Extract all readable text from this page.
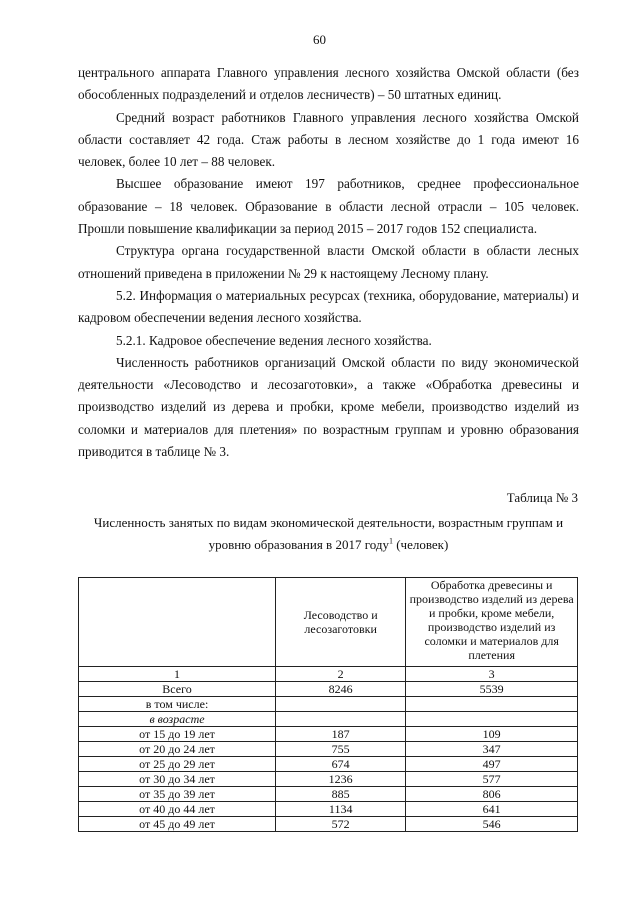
60

центрального аппарата Главного управления лесного хозяйства Омской области (без обособленных подразделений и отделов лесничеств) – 50 штатных единиц.

Средний возраст работников Главного управления лесного хозяйства Омской области составляет 42 года. Стаж работы в лесном хозяйстве до 1 года имеют 16 человек, более 10 лет – 88 человек.

Высшее образование имеют 197 работников, среднее профессиональное образование – 18 человек. Образование в области лесной отрасли – 105 человек. Прошли повышение квалификации за период 2015 – 2017 годов 152 специалиста.

Структура органа государственной власти Омской области в области лесных отношений приведена в приложении № 29 к настоящему Лесному плану.

5.2. Информация о материальных ресурсах (техника, оборудование, материалы) и кадровом обеспечении ведения лесного хозяйства.

5.2.1. Кадровое обеспечение ведения лесного хозяйства.

Численность работников организаций Омской области по виду экономической деятельности «Лесоводство и лесозаготовки», а также «Обработка древесины и производство изделий из дерева и пробки, кроме мебели, производство изделий из соломки и материалов для плетения» по возрастным группам и уровню образования приводится в таблице № 3.

Таблица № 3
Численность занятых по видам экономической деятельности, возрастным группам и уровню образования в 2017 году$^1$ (человек)
	Лесоводство и лесозаготовки	Обработка древесины и производство изделий из дерева и пробки, кроме мебели, производство изделий из соломки и материалов для плетения
1	2	3
Всего	8246	5539
в том числе:		
в возрасте		
от 15 до 19 лет	187	109
от 20 до 24 лет	755	347
от 25 до 29 лет	674	497
от 30 до 34 лет	1236	577
от 35 до 39 лет	885	806
от 40 до 44 лет	1134	641
от 45 до 49 лет	572	546
